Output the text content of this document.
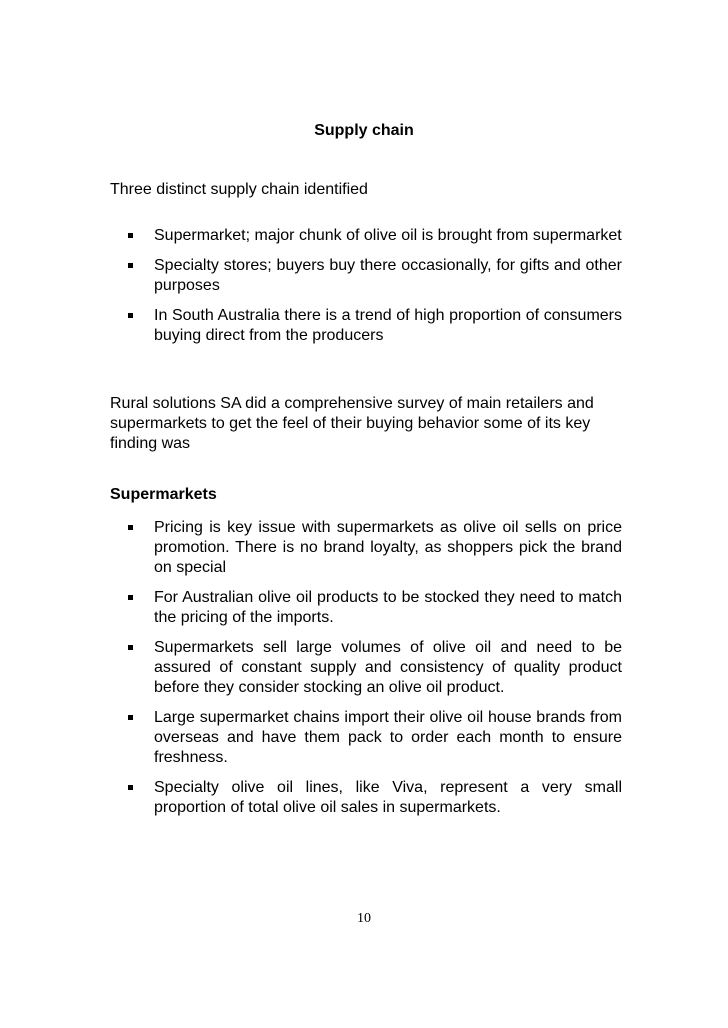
Supply chain
Three distinct supply chain identified
Supermarket; major chunk of olive oil is brought from supermarket
Specialty stores; buyers buy there occasionally, for gifts and other purposes
In South Australia there is a trend of high proportion of consumers buying direct from the producers
Rural solutions SA did a comprehensive survey of main retailers and supermarkets to get the feel of their buying behavior some of its key finding was
Supermarkets
Pricing is key issue with supermarkets as olive oil sells on price promotion. There is no brand loyalty, as shoppers pick the brand on special
For Australian olive oil products to be stocked they need to match the pricing of the imports.
Supermarkets sell large volumes of olive oil and need to be assured of constant supply and consistency of quality product before they consider stocking an olive oil product.
Large supermarket chains import their olive oil house brands from overseas and have them pack to order each month to ensure freshness.
Specialty olive oil lines, like Viva, represent a very small proportion of total olive oil sales in supermarkets.
10
